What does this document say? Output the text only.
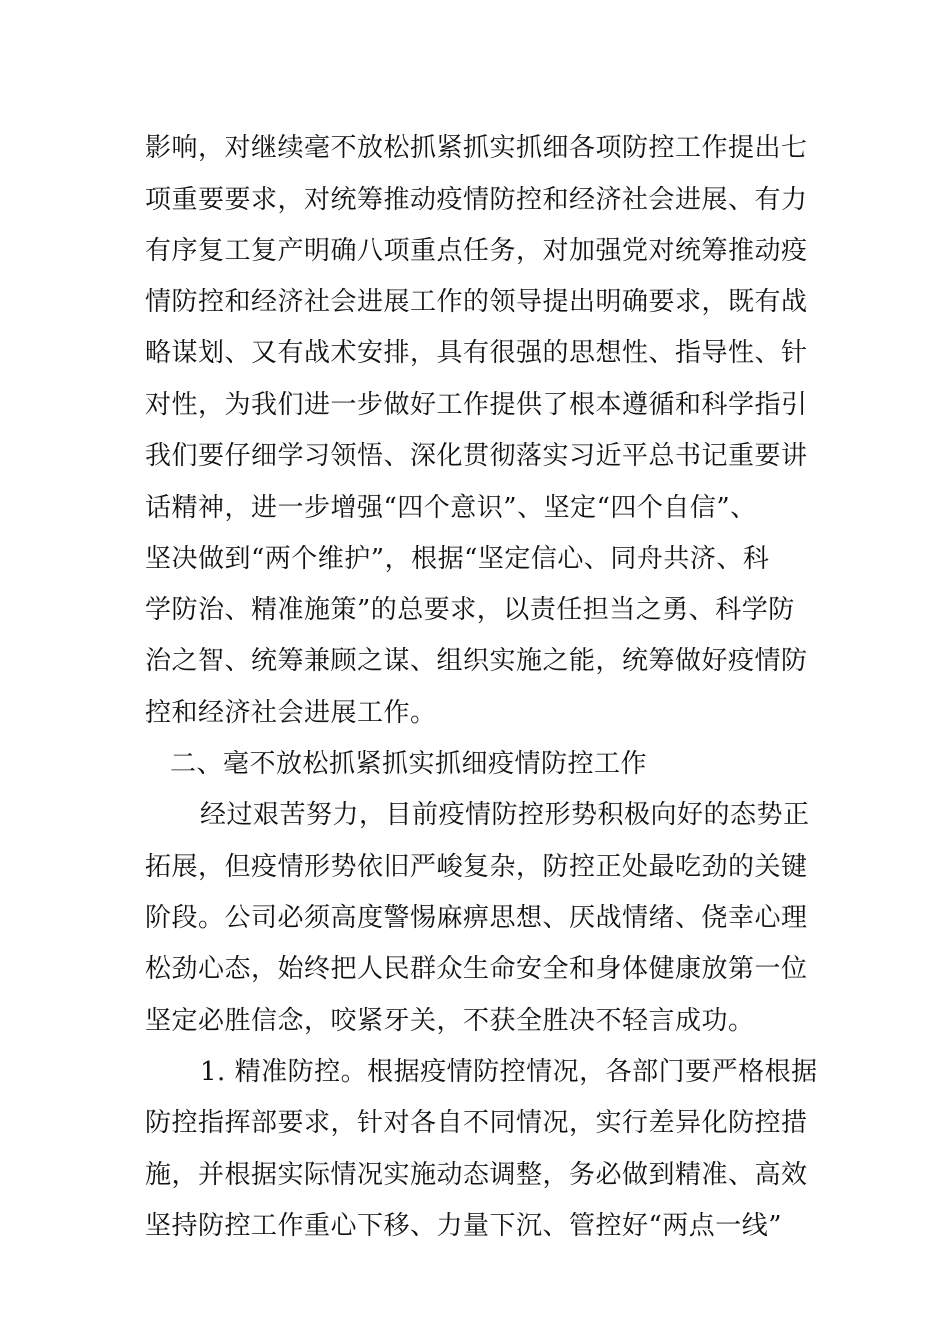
影响，对继续毫不放松抓紧抓实抓细各项防控工作提出七
项重要要求，对统筹推动疫情防控和经济社会进展、有力
有序复工复产明确八项重点任务，对加强党对统筹推动疫
情防控和经济社会进展工作的领导提出明确要求，既有战
略谋划、又有战术安排，具有很强的思想性、指导性、针
对性，为我们进一步做好工作提供了根本遵循和科学指引
我们要仔细学习领悟、深化贯彻落实习近平总书记重要讲
话精神，进一步增强“四个意识”、坚定“四个自信”、
坚决做到“两个维护”，根据“坚定信心、同舟共济、科
学防治、精准施策”的总要求，以责任担当之勇、科学防
治之智、统筹兼顾之谋、组织实施之能，统筹做好疫情防
控和经济社会进展工作。
二、毫不放松抓紧抓实抓细疫情防控工作
经过艰苦努力，目前疫情防控形势积极向好的态势正
拓展，但疫情形势依旧严峻复杂，防控正处最吃劲的关键
阶段。公司必须高度警惕麻痹思想、厌战情绪、侥幸心理
松劲心态，始终把人民群众生命安全和身体健康放第一位
坚定必胜信念，咬紧牙关，不获全胜决不轻言成功。
1. 精准防控。根据疫情防控情况，各部门要严格根据
防控指挥部要求，针对各自不同情况，实行差异化防控措
施，并根据实际情况实施动态调整，务必做到精准、高效
坚持防控工作重心下移、力量下沉、管控好“两点一线”
